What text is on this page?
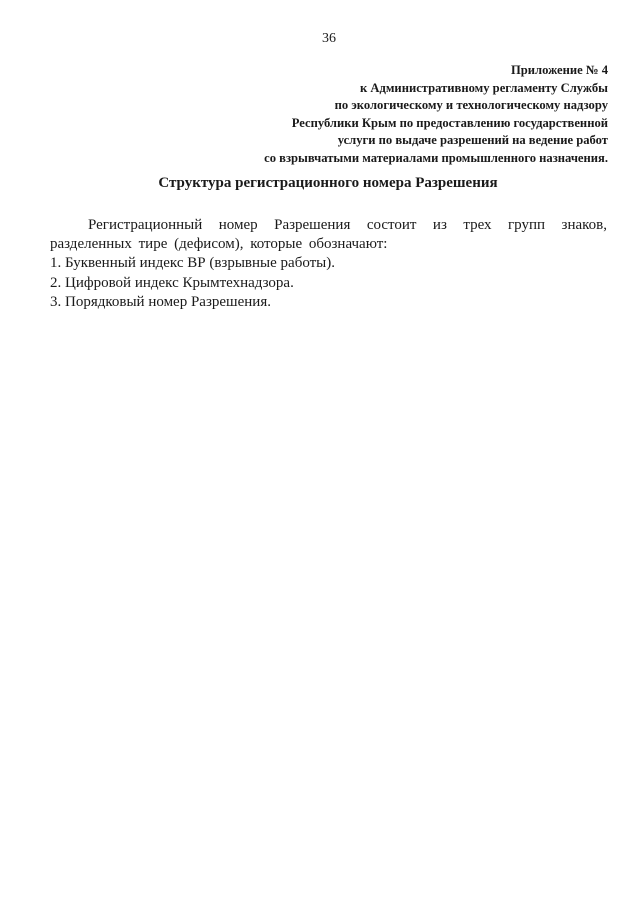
36
Приложение № 4
к Административному регламенту Службы
по экологическому и технологическому надзору
Республики Крым по предоставлению государственной
услуги по выдаче разрешений на ведение работ
со взрывчатыми материалами промышленного назначения.
Структура регистрационного номера Разрешения
Регистрационный номер Разрешения состоит из трех групп знаков, разделенных тире (дефисом), которые обозначают:
1. Буквенный индекс ВР (взрывные работы).
2. Цифровой индекс Крымтехнадзора.
3. Порядковый номер Разрешения.
